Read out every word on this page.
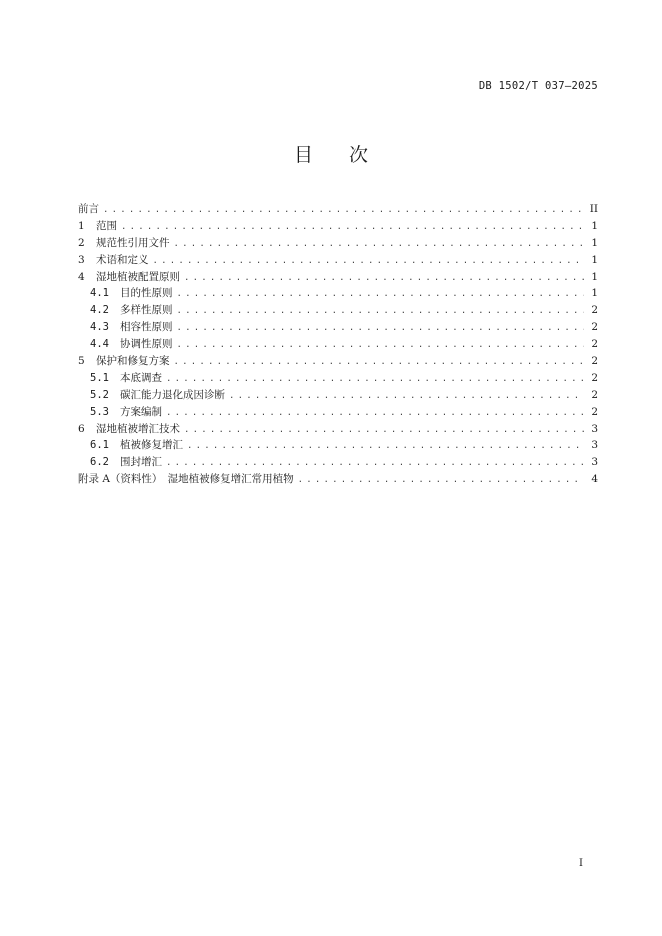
DB 1502/T 037—2025
目次
前言 .....	II
1	范围 .....	1
2	规范性引用文件 .....	1
3	术语和定义 .....	1
4	湿地植被配置原则 .....	1
4.1	目的性原则 .....	1
4.2	多样性原则 .....	2
4.3	相容性原则 .....	2
4.4	协调性原则 .....	2
5	保护和修复方案 .....	2
5.1	本底调查 .....	2
5.2	碳汇能力退化成因诊断 .....	2
5.3	方案编制 .....	2
6	湿地植被增汇技术 .....	3
6.1	植被修复增汇 .....	3
6.2	围封增汇 .....	3
附录 A（资料性）　湿地植被修复增汇常用植物 .....	4
I
